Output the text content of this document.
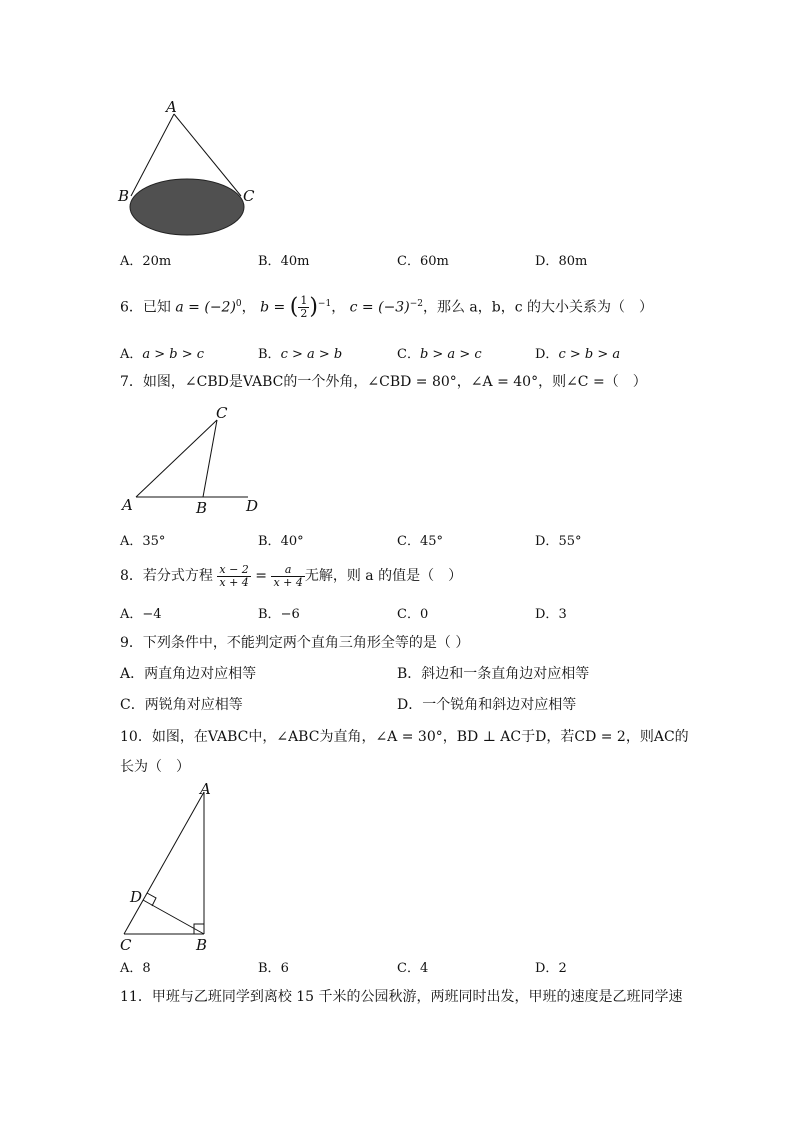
A
B	C
A．20m	B．40m	C．60m	D．80m
6．已知 $a = (-2)^0$， b = ( $\frac{1}{2} )^{-1}$， $c = (-3)^{-2}$，那么 a，b，c 的大小关系为（　）
A．a > b > c	B．c > a > b	C．b > a > c	D．c > b > a
7．如图，∠CBD是VABC的一个外角，∠CBD = 80°，∠A = 40°，则∠C =（　）
C
A	B	D
A．35°	B．40°	C．45°	D．55°
8．若分式方程 $\frac{x - 2}{x + 4} = \frac{a}{x + 4}$ 无解，则 a 的值是（　）
A．−4	B．−6	C．0	D．3
9．下列条件中，不能判定两个直角三角形全等的是（ ）
A．两直角边对应相等	B．斜边和一条直角边对应相等
C．两锐角对应相等	D．一个锐角和斜边对应相等
10．如图，在VABC中，∠ABC为直角，∠A = 30°，BD ⊥ AC于D，若CD = 2，则AC的
长为（　）
A
D
C	B
A．8	B．6	C．4	D．2
11．甲班与乙班同学到离校 15 千米的公园秋游，两班同时出发，甲班的速度是乙班同学速
